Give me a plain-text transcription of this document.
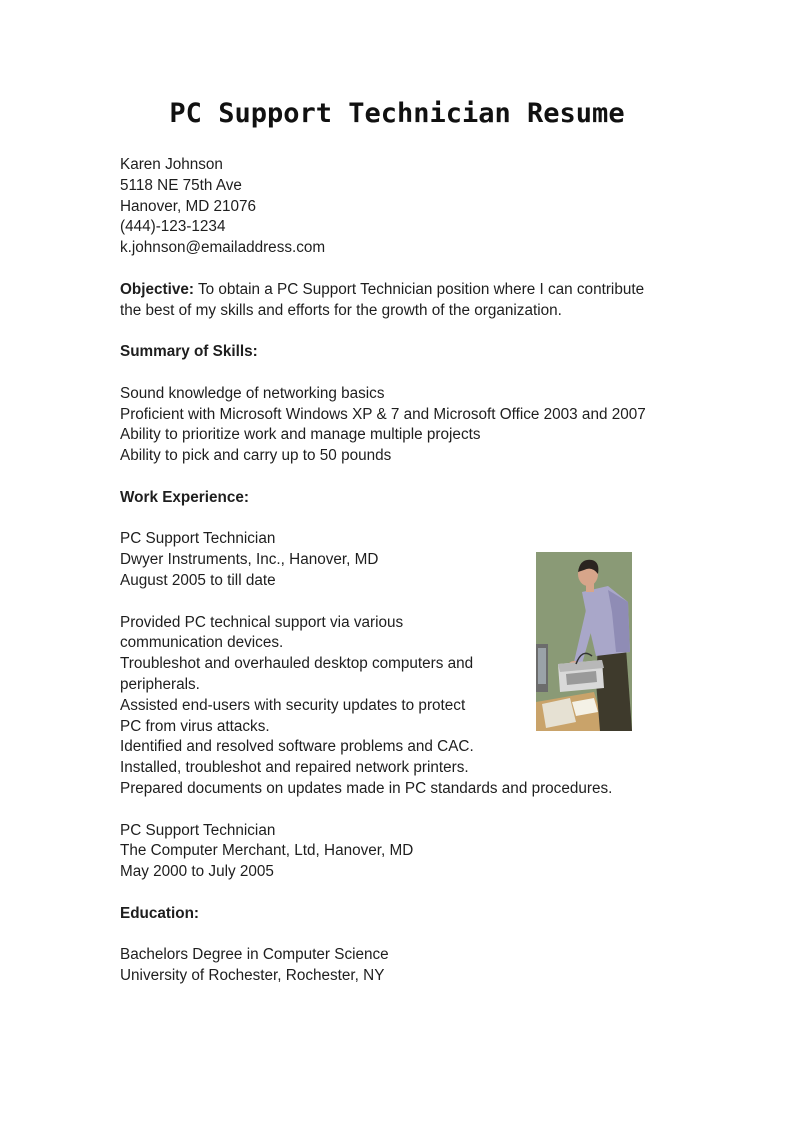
PC Support Technician Resume
Karen Johnson
5118 NE 75th Ave
Hanover, MD 21076
(444)-123-1234
k.johnson@emailaddress.com
Objective: To obtain a PC Support Technician position where I can contribute
the best of my skills and efforts for the growth of the organization.
Summary of Skills:
Sound knowledge of networking basics
Proficient with Microsoft Windows XP & 7 and Microsoft Office 2003 and 2007
Ability to prioritize work and manage multiple projects
Ability to pick and carry up to 50 pounds
Work Experience:
PC Support Technician
Dwyer Instruments, Inc., Hanover, MD
August 2005 to till date
Provided PC technical support via various
communication devices.
Troubleshot and overhauled desktop computers and
peripherals.
Assisted end-users with security updates to protect
PC from virus attacks.
Identified and resolved software problems and CAC.
Installed, troubleshot and repaired network printers.
Prepared documents on updates made in PC standards and procedures.
PC Support Technician
The Computer Merchant, Ltd, Hanover, MD
May 2000 to July 2005
Education:
Bachelors Degree in Computer Science
University of Rochester, Rochester, NY
